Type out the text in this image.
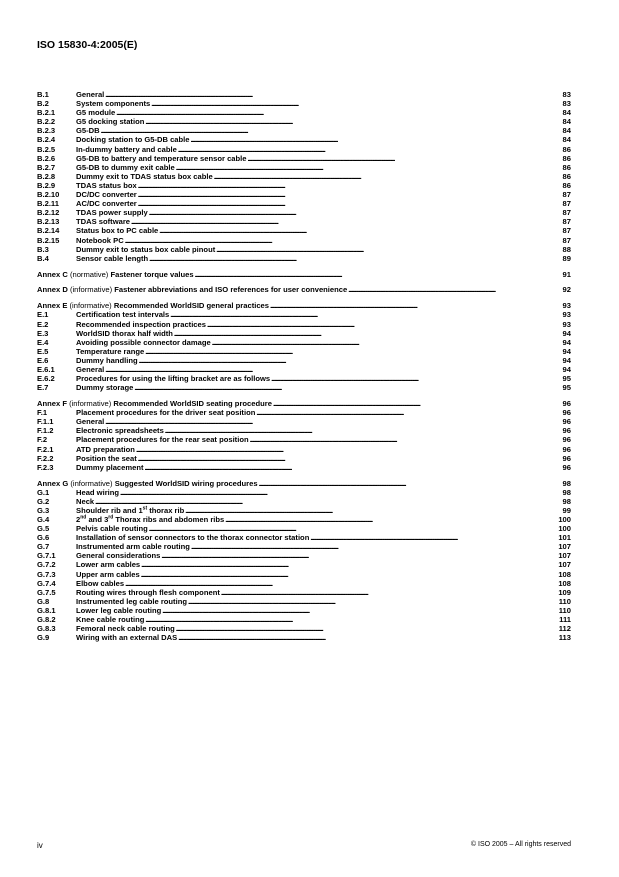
ISO 15830-4:2005(E)
B.1	General . . .	83
B.2	System components . . .	83
B.2.1	G5 module . . .	84
B.2.2	G5 docking station . . .	84
B.2.3	G5-DB . . .	84
B.2.4	Docking station to G5-DB cable . . .	84
B.2.5	In-dummy battery and cable . . .	86
B.2.6	G5-DB to battery and temperature sensor cable . . .	86
B.2.7	G5-DB to dummy exit cable . . .	86
B.2.8	Dummy exit to TDAS status box cable . . .	86
B.2.9	TDAS status box . . .	86
B.2.10	DC/DC converter . . .	87
B.2.11	AC/DC converter . . .	87
B.2.12	TDAS power supply . . .	87
B.2.13	TDAS software . . .	87
B.2.14	Status box to PC cable . . .	87
B.2.15	Notebook PC . . .	87
B.3	Dummy exit to status box cable pinout . . .	88
B.4	Sensor cable length . . .	89
Annex C (normative) Fastener torque values . . .	91
Annex D (informative) Fastener abbreviations and ISO references for user convenience . . .	92
Annex E (informative) Recommended WorldSID general practices . . .	93
E.1	Certification test intervals . . .	93
E.2	Recommended inspection practices . . .	93
E.3	WorldSID thorax half width . . .	94
E.4	Avoiding possible connector damage . . .	94
E.5	Temperature range . . .	94
E.6	Dummy handling . . .	94
E.6.1	General . . .	94
E.6.2	Procedures for using the lifting bracket are as follows . . .	95
E.7	Dummy storage . . .	95
Annex F (informative) Recommended WorldSID seating procedure . . .	96
F.1	Placement procedures for the driver seat position . . .	96
F.1.1	General . . .	96
F.1.2	Electronic spreadsheets . . .	96
F.2	Placement procedures for the rear seat position . . .	96
F.2.1	ATD preparation . . .	96
F.2.2	Position the seat . . .	96
F.2.3	Dummy placement . . .	96
Annex G (informative) Suggested WorldSID wiring procedures . . .	98
G.1	Head wiring . . .	98
G.2	Neck . . .	98
G.3	Shoulder rib and 1st thorax rib . . .	99
G.4	2nd and 3rd Thorax ribs and abdomen ribs . . .	100
G.5	Pelvis cable routing . . .	100
G.6	Installation of sensor connectors to the thorax connector station . . .	101
G.7	Instrumented arm cable routing . . .	107
G.7.1	General considerations . . .	107
G.7.2	Lower arm cables . . .	107
G.7.3	Upper arm cables . . .	108
G.7.4	Elbow cables . . .	108
G.7.5	Routing wires through flesh component . . .	109
G.8	Instrumented leg cable routing . . .	110
G.8.1	Lower leg cable routing . . .	110
G.8.2	Knee cable routing . . .	111
G.8.3	Femoral neck cable routing . . .	112
G.9	Wiring with an external DAS . . .	113
iv	© ISO 2005 – All rights reserved
